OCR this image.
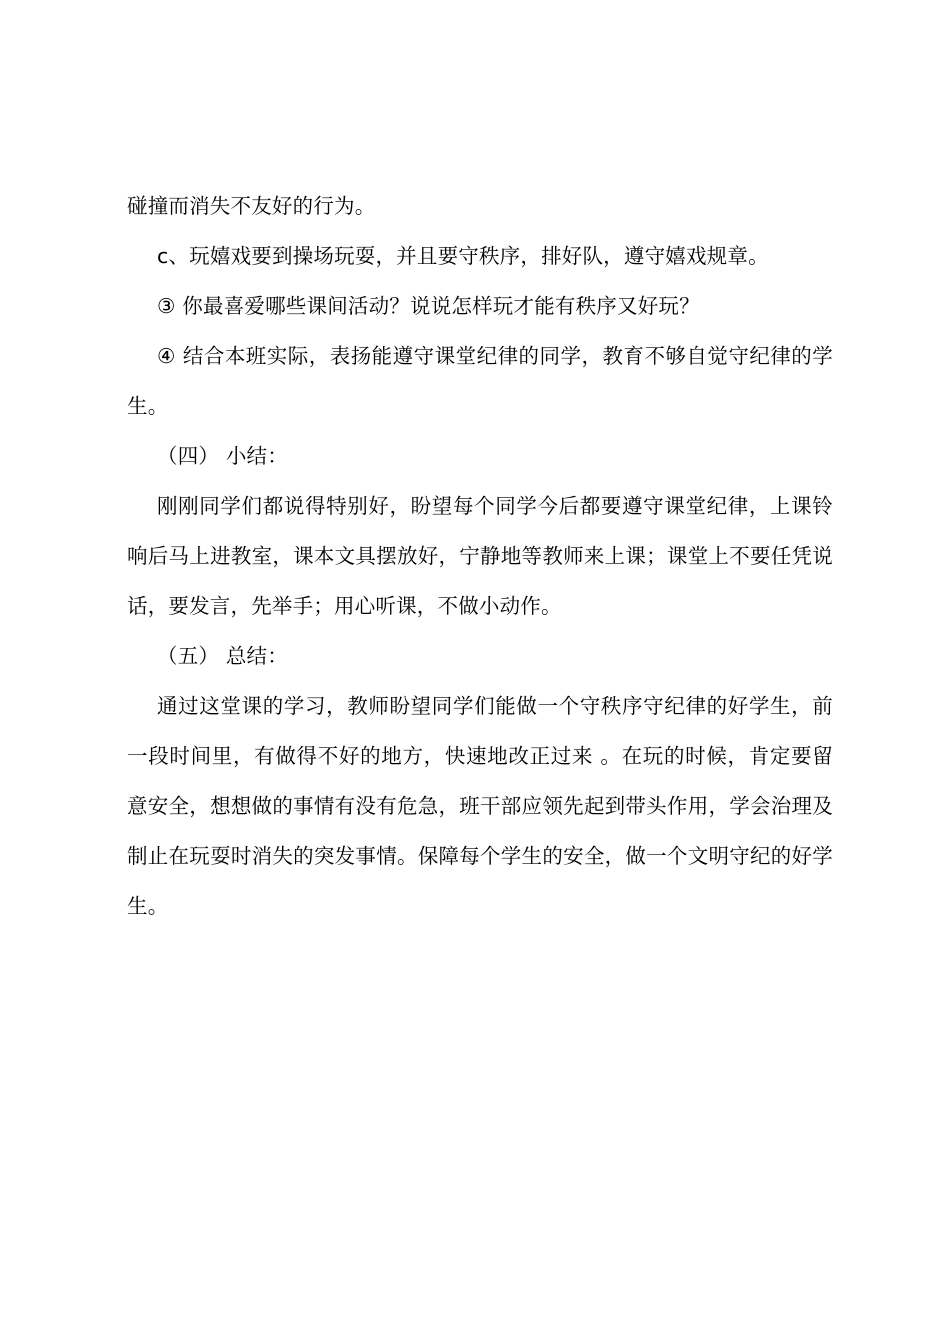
碰撞而消失不友好的行为。

c、玩嬉戏要到操场玩耍，并且要守秩序，排好队，遵守嬉戏规章。

③ 你最喜爱哪些课间活动？说说怎样玩才能有秩序又好玩？

④ 结合本班实际，表扬能遵守课堂纪律的同学，教育不够自觉守纪律的学生。

（四） 小结：

刚刚同学们都说得特别好，盼望每个同学今后都要遵守课堂纪律，上课铃响后马上进教室，课本文具摆放好，宁静地等教师来上课；课堂上不要任凭说话，要发言，先举手；用心听课，不做小动作。

（五） 总结：

通过这堂课的学习，教师盼望同学们能做一个守秩序守纪律的好学生，前一段时间里，有做得不好的地方，快速地改正过来 。在玩的时候，肯定要留意安全，想想做的事情有没有危急，班干部应领先起到带头作用，学会治理及制止在玩耍时消失的突发事情。保障每个学生的安全，做一个文明守纪的好学生。
